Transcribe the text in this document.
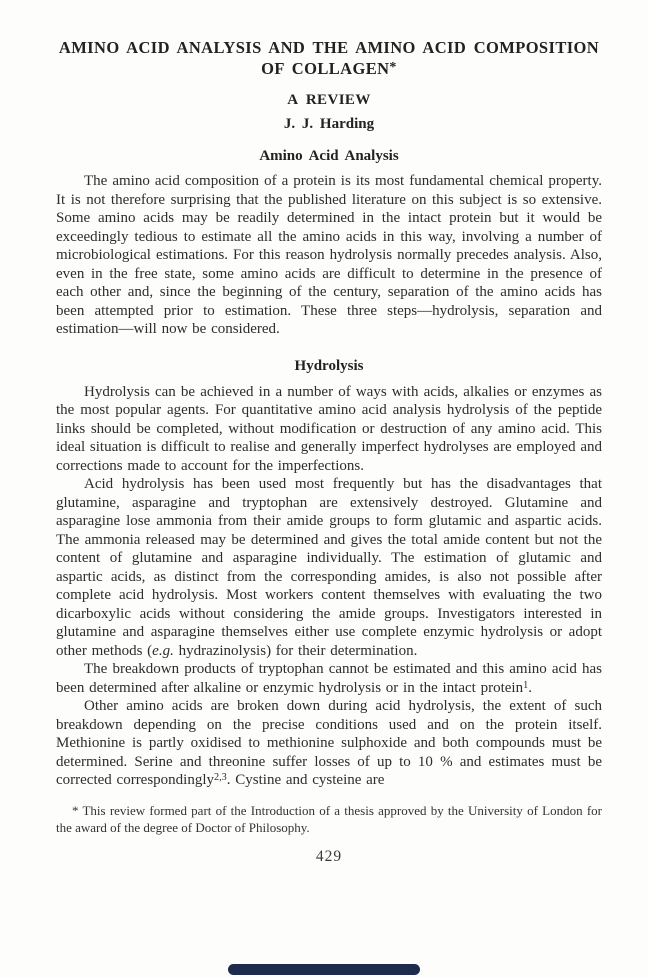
AMINO ACID ANALYSIS AND THE AMINO ACID COMPOSITION
OF COLLAGEN*
A REVIEW
J. J. Harding
Amino Acid Analysis

The amino acid composition of a protein is its most fundamental chemical property. It is not therefore surprising that the published literature on this subject is so extensive. Some amino acids may be readily determined in the intact protein but it would be exceedingly tedious to estimate all the amino acids in this way, involving a number of microbiological estimations. For this reason hydrolysis normally precedes analysis. Also, even in the free state, some amino acids are difficult to determine in the presence of each other and, since the beginning of the century, separation of the amino acids has been attempted prior to estimation. These three steps—hydrolysis, separation and estimation—will now be considered.

Hydrolysis

Hydrolysis can be achieved in a number of ways with acids, alkalies or enzymes as the most popular agents. For quantitative amino acid analysis hydrolysis of the peptide links should be completed, without modification or destruction of any amino acid. This ideal situation is difficult to realise and generally imperfect hydrolyses are employed and corrections made to account for the imperfections.

Acid hydrolysis has been used most frequently but has the disadvantages that glutamine, asparagine and tryptophan are extensively destroyed. Glutamine and asparagine lose ammonia from their amide groups to form glutamic and aspartic acids. The ammonia released may be determined and gives the total amide content but not the content of glutamine and asparagine individually. The estimation of glutamic and aspartic acids, as distinct from the corresponding amides, is also not possible after complete acid hydrolysis. Most workers content themselves with evaluating the two dicarboxylic acids without considering the amide groups. Investigators interested in glutamine and asparagine themselves either use complete enzymic hydrolysis or adopt other methods (e.g. hydrazinolysis) for their determination.

The breakdown products of tryptophan cannot be estimated and this amino acid has been determined after alkaline or enzymic hydrolysis or in the intact protein$^1$.

Other amino acids are broken down during acid hydrolysis, the extent of such breakdown depending on the precise conditions used and on the protein itself. Methionine is partly oxidised to methionine sulphoxide and both compounds must be determined. Serine and threonine suffer losses of up to 10 % and estimates must be corrected correspondingly$^{2,3}$. Cystine and cysteine are

* This review formed part of the Introduction of a thesis approved by the University of London for the award of the degree of Doctor of Philosophy.
429
